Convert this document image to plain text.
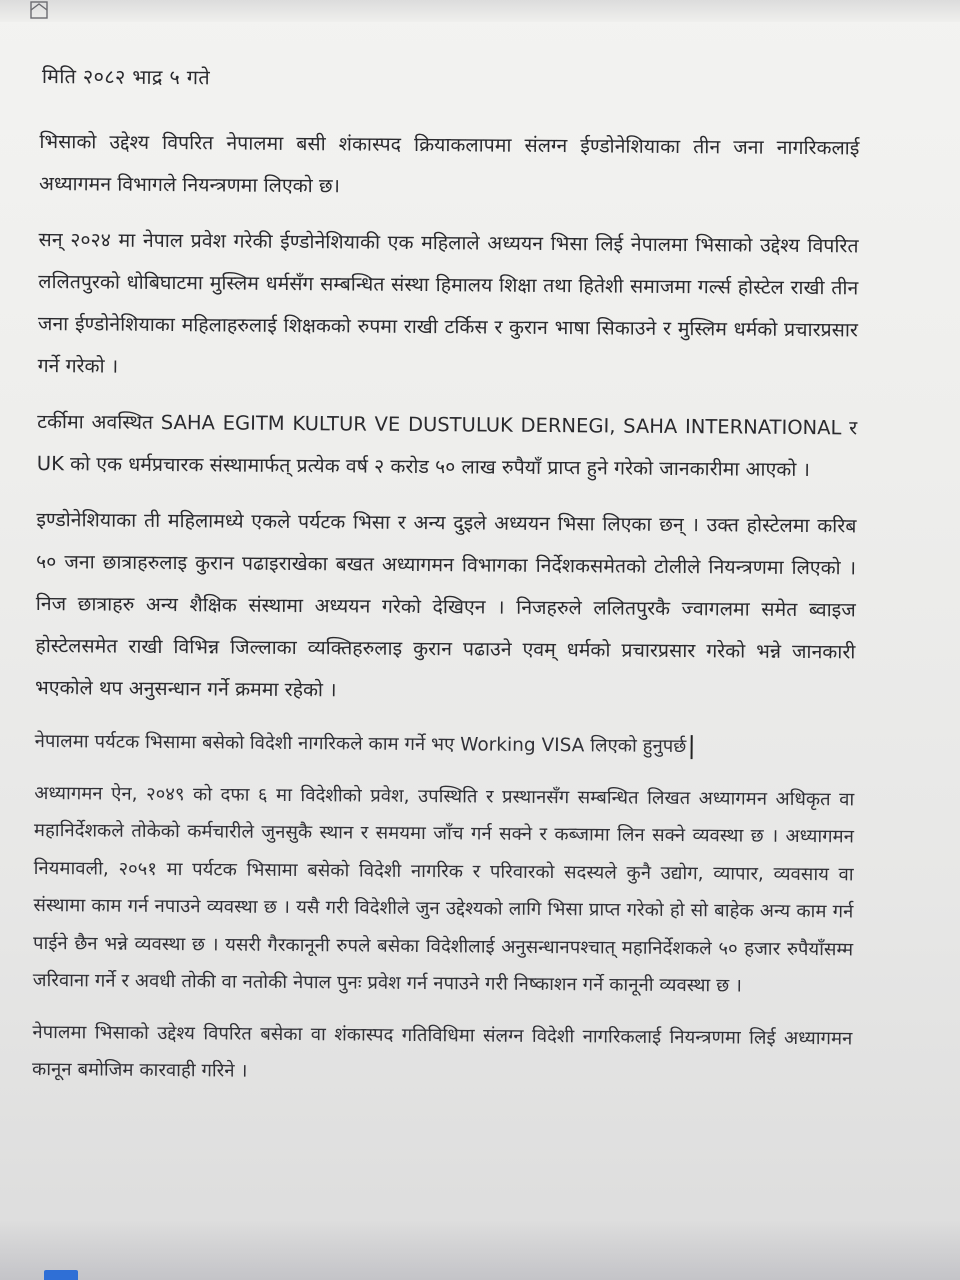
मिति २०८२ भाद्र ५ गते

भिसाको उद्देश्य विपरित नेपालमा बसी शंकास्पद क्रियाकलापमा संलग्न ईण्डोनेशियाका तीन जना नागरिकलाई अध्यागमन विभागले नियन्त्रणमा लिएको छ।

सन् २०२४ मा नेपाल प्रवेश गरेकी ईण्डोनेशियाकी एक महिलाले अध्ययन भिसा लिई नेपालमा भिसाको उद्देश्य विपरित ललितपुरको धोबिघाटमा मुस्लिम धर्मसँग सम्बन्धित संस्था हिमालय शिक्षा तथा हितेशी समाजमा गर्ल्स होस्टेल राखी तीन जना ईण्डोनेशियाका महिलाहरुलाई शिक्षकको रुपमा राखी टर्किस र कुरान भाषा सिकाउने र मुस्लिम धर्मको प्रचारप्रसार गर्ने गरेको ।

टर्कीमा अवस्थित SAHA EGITM KULTUR VE DUSTULUK DERNEGI, SAHA INTERNATIONAL र UK को एक धर्मप्रचारक संस्थामार्फत् प्रत्येक वर्ष २ करोड ५० लाख रुपैयाँ प्राप्त हुने गरेको जानकारीमा आएको ।

इण्डोनेशियाका ती महिलामध्ये एकले पर्यटक भिसा र अन्य दुइले अध्ययन भिसा लिएका छन् । उक्त होस्टेलमा करिब ५० जना छात्राहरुलाइ कुरान पढाइराखेका बखत अध्यागमन विभागका निर्देशकसमेतको टोलीले नियन्त्रणमा लिएको । निज छात्राहरु अन्य शैक्षिक संस्थामा अध्ययन गरेको देखिएन । निजहरुले ललितपुरकै ज्वागलमा समेत ब्वाइज होस्टेलसमेत राखी विभिन्न जिल्लाका व्यक्तिहरुलाइ कुरान पढाउने एवम् धर्मको प्रचारप्रसार गरेको भन्ने जानकारी भएकोले थप अनुसन्धान गर्ने क्रममा रहेको ।

नेपालमा पर्यटक भिसामा बसेको विदेशी नागरिकले काम गर्ने भए Working VISA लिएको हुनुपर्छ

अध्यागमन ऐन, २०४९ को दफा ६ मा विदेशीको प्रवेश, उपस्थिति र प्रस्थानसँग सम्बन्धित लिखत अध्यागमन अधिकृत वा महानिर्देशकले तोकेको कर्मचारीले जुनसुकै स्थान र समयमा जाँच गर्न सक्ने र कब्जामा लिन सक्ने व्यवस्था छ । अध्यागमन नियमावली, २०५१ मा पर्यटक भिसामा बसेको विदेशी नागरिक र परिवारको सदस्यले कुनै उद्योग, व्यापार, व्यवसाय वा संस्थामा काम गर्न नपाउने व्यवस्था छ । यसै गरी विदेशीले जुन उद्देश्यको लागि भिसा प्राप्त गरेको हो सो बाहेक अन्य काम गर्न पाईने छैन भन्ने व्यवस्था छ । यसरी गैरकानूनी रुपले बसेका विदेशीलाई अनुसन्धानपश्चात् महानिर्देशकले ५० हजार रुपैयाँसम्म जरिवाना गर्ने र अवधी तोकी वा नतोकी नेपाल पुनः प्रवेश गर्न नपाउने गरी निष्काशन गर्ने कानूनी व्यवस्था छ ।

नेपालमा भिसाको उद्देश्य विपरित बसेका वा शंकास्पद गतिविधिमा संलग्न विदेशी नागरिकलाई नियन्त्रणमा लिई अध्यागमन कानून बमोजिम कारवाही गरिने ।
